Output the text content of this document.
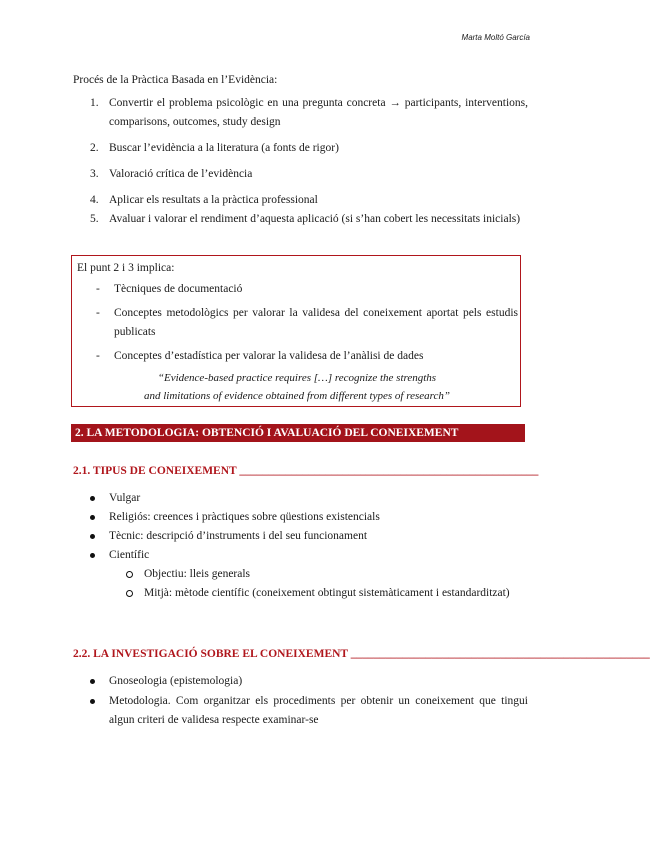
Marta Moltó García
Procés de la Pràctica Basada en l’Evidència:
1. Convertir el problema psicològic en una pregunta concreta → participants, interventions, comparisons, outcomes, study design
2. Buscar l’evidència a la literatura (a fonts de rigor)
3. Valoració crítica de l’evidència
4. Aplicar els resultats a la pràctica professional
5. Avaluar i valorar el rendiment d’aquesta aplicació (si s’han cobert les necessitats inicials)
El punt 2 i 3 implica:
- Tècniques de documentació
- Conceptes metodològics per valorar la validesa del coneixement aportat pels estudis publicats
- Conceptes d’estadística per valorar la validesa de l’anàlisi de dades
“Evidence-based practice requires […] recognize the strengths
and limitations of evidence obtained from different types of research”
2. LA METODOLOGIA: OBTENCIÓ I AVALUACIÓ DEL CONEIXEMENT
2.1. TIPUS DE CONEIXEMENT ____________________________________________________
Vulgar
Religiós: creences i pràctiques sobre qüestions existencials
Tècnic: descripció d’instruments i del seu funcionament
Científic
Objectiu: lleis generals
Mitjà: mètode científic (coneixement obtingut sistemàticament i estandarditzat)
2.2. LA INVESTIGACIÓ SOBRE EL CONEIXEMENT ____________________________________________________
Gnoseologia (epistemologia)
Metodologia. Com organitzar els procediments per obtenir un coneixement que tingui algun criteri de validesa respecte examinar-se
